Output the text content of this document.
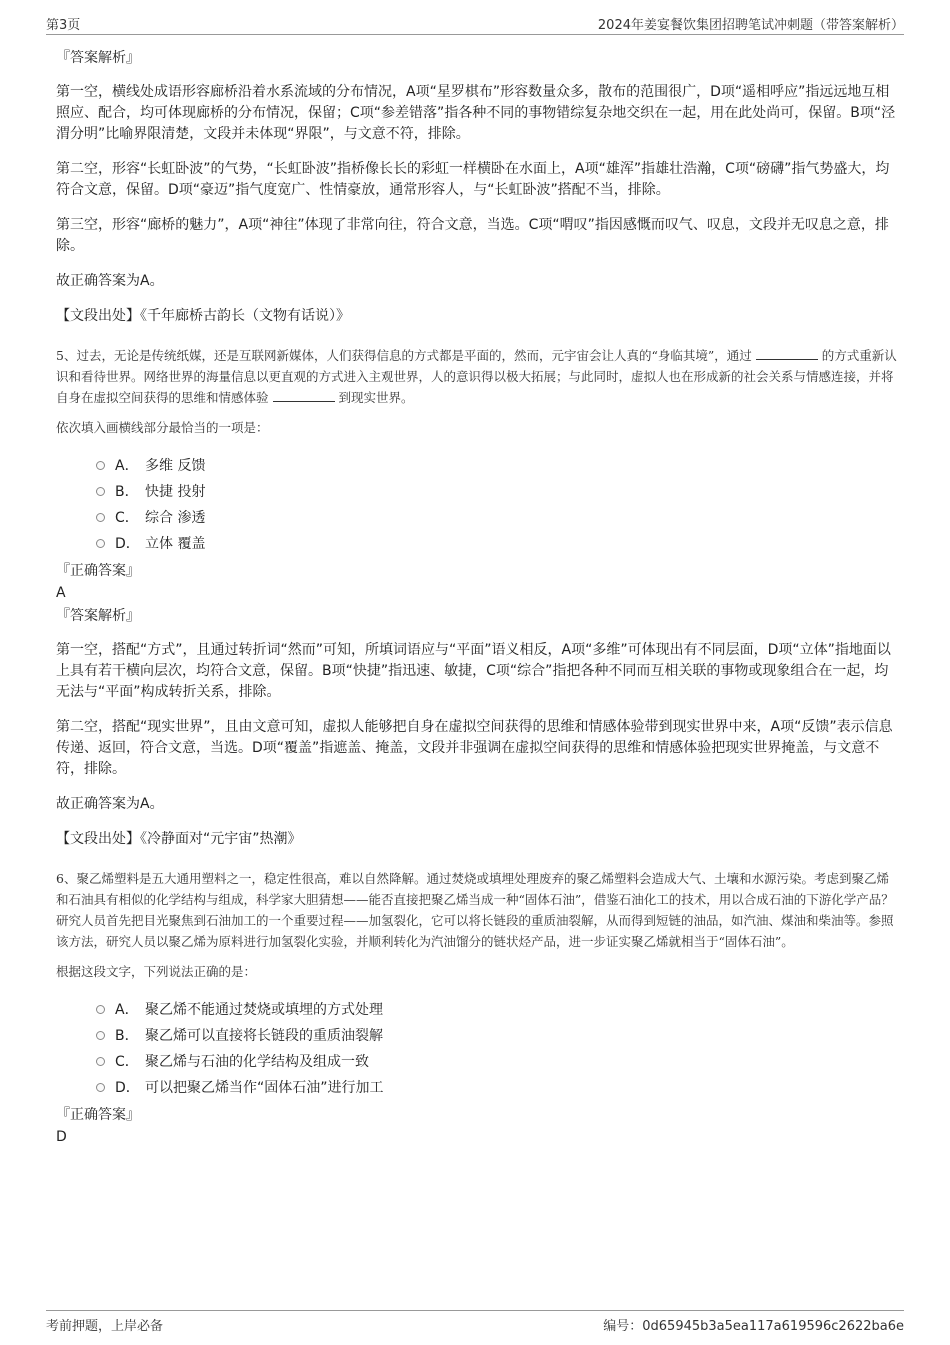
第3页	2024年姜宴餐饮集团招聘笔试冲刺题（带答案解析）
『答案解析』
第一空，横线处成语形容廊桥沿着水系流域的分布情况，A项“星罗棋布”形容数量众多，散布的范围很广，D项“遥相呼应”指远远地互相照应、配合，均可体现廊桥的分布情况，保留；C项“参差错落”指各种不同的事物错综复杂地交织在一起，用在此处尚可，保留。B项“泾渭分明”比喻界限清楚，文段并未体现“界限”，与文意不符，排除。
第二空，形容“长虹卧波”的气势，“长虹卧波”指桥像长长的彩虹一样横卧在水面上，A项“雄浑”指雄壮浩瀚，C项“磅礴”指气势盛大，均符合文意，保留。D项“豪迈”指气度宽广、性情豪放，通常形容人，与“长虹卧波”搭配不当，排除。
第三空，形容“廊桥的魅力”，A项“神往”体现了非常向往，符合文意，当选。C项“喟叹”指因感慨而叹气、叹息，文段并无叹息之意，排除。
故正确答案为A。
【文段出处】《千年廊桥古韵长（文物有话说）》
5、过去，无论是传统纸媒，还是互联网新媒体，人们获得信息的方式都是平面的，然而，元宇宙会让人真的“身临其境”，通过	的方式重新认识和看待世界。网络世界的海量信息以更直观的方式进入主观世界，人的意识得以极大拓展；与此同时，虚拟人也在形成新的社会关系与情感连接，并将自身在虚拟空间获得的思维和情感体验	到现实世界。
依次填入画横线部分最恰当的一项是：
A． 多维 反馈
B． 快捷 投射
C． 综合 渗透
D． 立体 覆盖
『正确答案』
A
『答案解析』
第一空，搭配“方式”，且通过转折词“然而”可知，所填词语应与“平面”语义相反，A项“多维”可体现出有不同层面，D项“立体”指地面以上具有若干横向层次，均符合文意，保留。B项“快捷”指迅速、敏捷，C项“综合”指把各种不同而互相关联的事物或现象组合在一起，均无法与“平面”构成转折关系，排除。
第二空，搭配“现实世界”，且由文意可知，虚拟人能够把自身在虚拟空间获得的思维和情感体验带到现实世界中来，A项“反馈”表示信息传递、返回，符合文意，当选。D项“覆盖”指遮盖、掩盖，文段并非强调在虚拟空间获得的思维和情感体验把现实世界掩盖，与文意不符，排除。
故正确答案为A。
【文段出处】《冷静面对“元宇宙”热潮》
6、聚乙烯塑料是五大通用塑料之一，稳定性很高，难以自然降解。通过焚烧或填埋处理废弃的聚乙烯塑料会造成大气、土壤和水源污染。考虑到聚乙烯和石油具有相似的化学结构与组成，科学家大胆猜想——能否直接把聚乙烯当成一种“固体石油”，借鉴石油化工的技术，用以合成石油的下游化学产品？研究人员首先把目光聚焦到石油加工的一个重要过程——加氢裂化，它可以将长链段的重质油裂解，从而得到短链的油品，如汽油、煤油和柴油等。参照该方法，研究人员以聚乙烯为原料进行加氢裂化实验，并顺利转化为汽油馏分的链状烃产品，进一步证实聚乙烯就相当于“固体石油”。
根据这段文字，下列说法正确的是：
A． 聚乙烯不能通过焚烧或填埋的方式处理
B． 聚乙烯可以直接将长链段的重质油裂解
C． 聚乙烯与石油的化学结构及组成一致
D． 可以把聚乙烯当作“固体石油”进行加工
『正确答案』
D
考前押题，上岸必备	编号：0d65945b3a5ea117a619596c2622ba6e
